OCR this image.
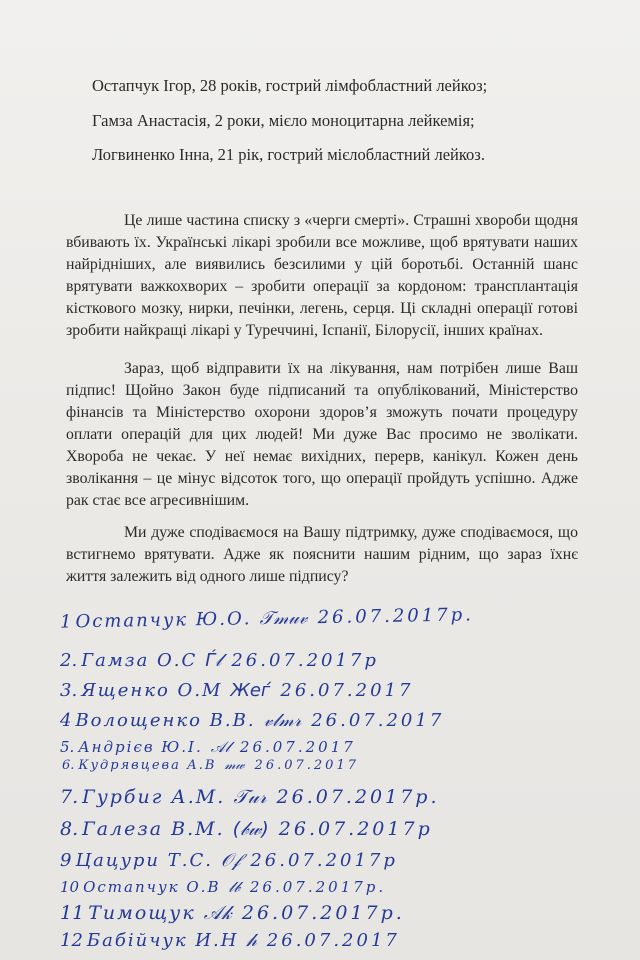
Остапчук Ігор, 28 років, гострий лімфобластний лейкоз;
Гамза Анастасія, 2 роки, мієло моноцитарна лейкемія;
Логвиненко Інна, 21 рік, гострий мієлобластний лейкоз.
Це лише частина списку з «черги смерті». Страшні хвороби щодня вбивають їх. Українські лікарі зробили все можливе, щоб врятувати наших найрідніших, але виявились безсилими у цій боротьбі. Останній шанс врятувати важкохворих – зробити операції за кордоном: трансплантація кісткового мозку, нирки, печінки, легень, серця. Ці складні операції готові зробити найкращі лікарі у Туреччині, Іспанії, Білорусії, інших країнах.
Зараз, щоб відправити їх на лікування, нам потрібен лише Ваш підпис! Щойно Закон буде підписаний та опублікований, Міністерство фінансів та Міністерство охорони здоров’я зможуть почати процедуру оплати операцій для цих людей! Ми дуже Вас просимо не зволікати. Хвороба не чекає. У неї немає вихідних, перерв, канікул. Кожен день зволікання – це мінус відсоток того, що операції пройдуть успішно. Адже рак стає все агресивнішим.
Ми дуже сподіваємося на Вашу підтримку, дуже сподіваємося, що встигнемо врятувати. Адже як пояснити нашим рідним, що зараз їхнє життя залежить від одного лише підпису?
1 Остапчук Ю.О. 𝒯𝓂𝓊𝓋 26.07.2017р.
2. Гамза О.С Ѓ𝓁 26.07.2017р
3. Ященко О.М Жеѓ 26.07.2017
4 Волощенко В.В. 𝓋𝓁𝓂𝓇 26.07.2017
5. Андрієв Ю.І. 𝒜𝓁 26.07.2017
6. Кудрявцева А.В 𝓂𝓌 26.07.2017
7. Гурбиг А.М. 𝒯𝓊𝓇 26.07.2017р.
8. Галеза В.М. (𝒷𝓌) 26.07.2017р
9 Цацури Т.С. 𝒪𝒻 26.07.2017р
10 Остапчук О.В 𝓁𝒷 26.07.2017р.
11 Тимощук 𝒜𝓀 26.07.2017р.
12 Бабійчук И.Н 𝒽 26.07.2017
